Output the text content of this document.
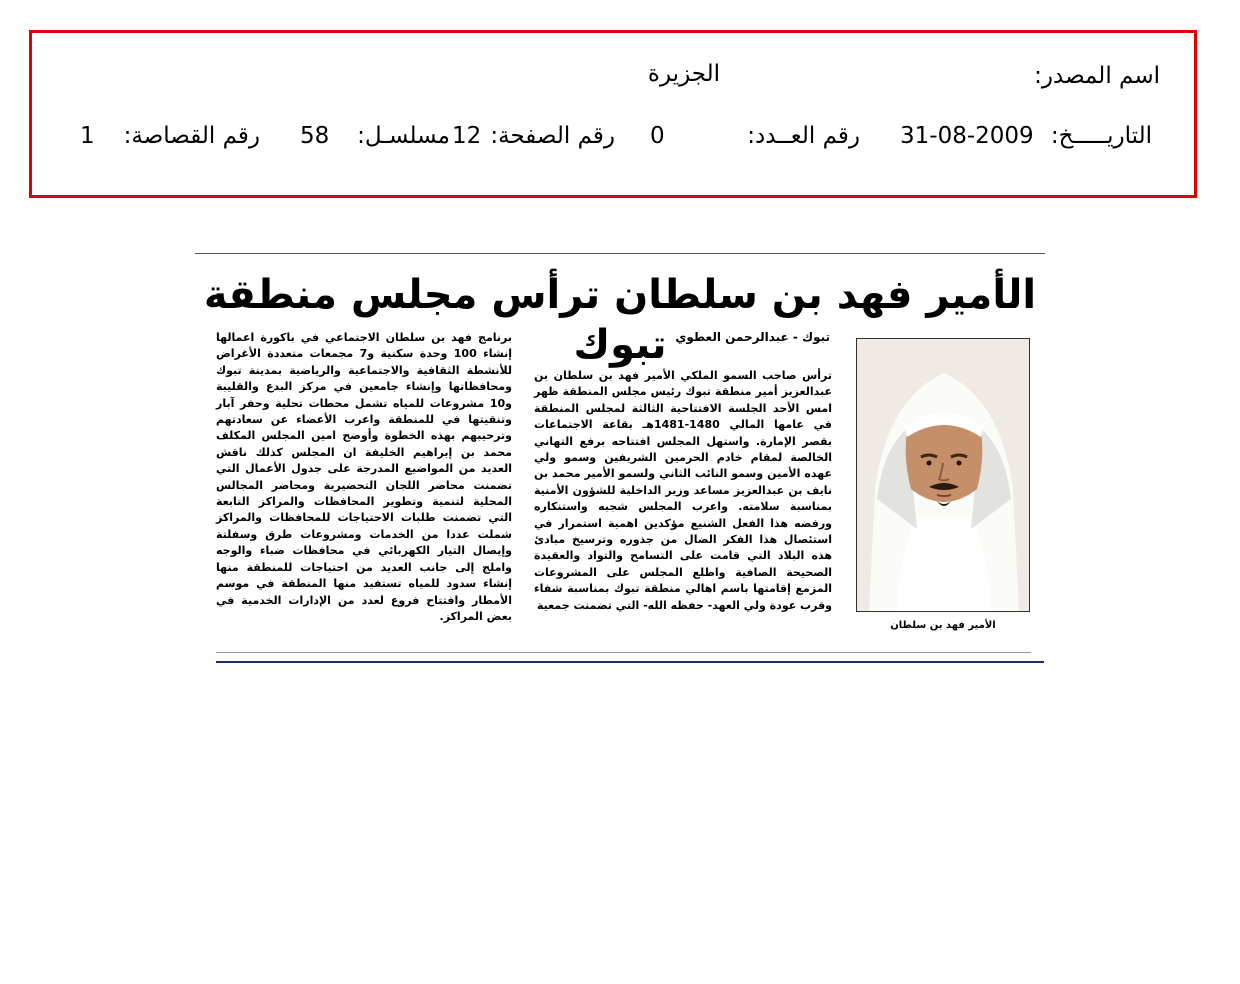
اسم المصدر:
الجزيرة
التاريـــــخ:
31-08-2009
رقم العــدد:
0
رقم الصفحة:
12
مسلسـل:
58
رقم القصاصة:
1
الأمير فهد بن سلطان ترأس مجلس منطقة تبوك تبوك - عبدالرحمن العطوي
ترأس صاحب السمو الملكي الأمير فهد بن سلطان بن عبدالعزيز أمير منطقة تبوك رئيس مجلس المنطقة ظهر امس الأحد الجلسة الافتتاحية الثالثة لمجلس المنطقة في عامها المالي 1480-1481هـ بقاعة الاجتماعات بقصر الإمارة. واستهل المجلس افتتاحه برفع التهاني الخالصة لمقام خادم الحرمين الشريفين وسمو ولي عهده الأمين وسمو النائب الثاني ولسمو الأمير محمد بن نايف بن عبدالعزيز مساعد وزير الداخلية للشؤون الأمنية بمناسبة سلامته. واعرب المجلس شجبه واستنكاره ورفضه هذا الفعل الشنيع مؤكدين اهمية استمرار في استئصال هذا الفكر الضال من جذوره وترسيخ مبادئ هذه البلاد التي قامت على التسامح والتواد والعقيدة الصحيحة الصافية واطلع المجلس على المشروعات المزمع إقامتها باسم اهالي منطقة تبوك بمناسبة شفاء وقرب عودة ولي العهد- حفظه الله- التي تضمنت جمعية
برنامج فهد بن سلطان الاجتماعي في باكورة اعمالها إنشاء 100 وحدة سكنية و7 مجمعات متعددة الأغراض للأنشطة الثقافية والاجتماعية والرياضية بمدينة تبوك ومحافظاتها وإنشاء جامعين في مركز البدع والقليبة و10 مشروعات للمياه تشمل محطات تحلية وحفر آبار وتنقيتها في للمنطقة واعرب الأعضاء عن سعادتهم وترحيبهم بهذه الخطوة وأوضح امين المجلس المكلف محمد بن إبراهيم الخليفة ان المجلس كذلك ناقش العديد من المواضيع المدرجة على جدول الأعمال التي تضمنت محاضر اللجان التحضيرية ومحاضر المجالس المحلية لتنمية وتطوير المحافظات والمراكز التابعة التي تضمنت طلبات الاحتياجات للمحافظات والمراكز شملت عددا من الخدمات ومشروعات طرق وسفلتة وإيصال التيار الكهربائي في محافظات ضباء والوجه واملج إلى جانب العديد من احتياجات للمنطقة منها إنشاء سدود للمياه تستفيد منها المنطقة في موسم الأمطار وافتتاح فروع لعدد من الإدارات الخدمية في بعض المراكز.
الأمير فهد بن سلطان
